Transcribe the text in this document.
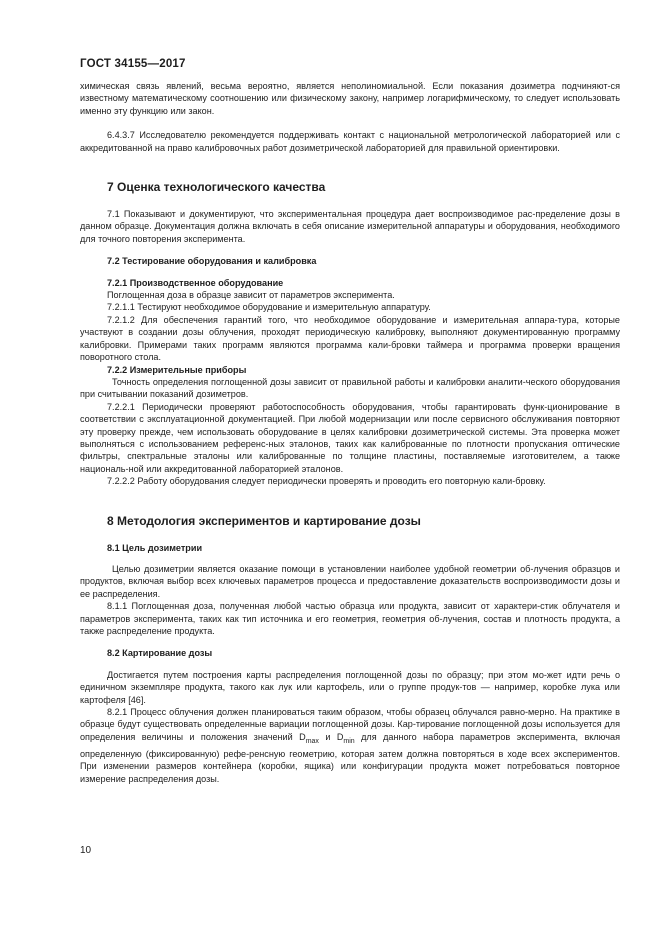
ГОСТ 34155—2017

химическая связь явлений, весьма вероятно, является неполиномиальной. Если показания дозиметра подчиняют-ся известному математическому соотношению или физическому закону, например логарифмическому, то следует использовать именно эту функцию или закон.

6.4.3.7 Исследователю рекомендуется поддерживать контакт с национальной метрологической лабораторией или с аккредитованной на право калибровочных работ дозиметрической лабораторией для правильной ориентировки.

7 Оценка технологического качества

7.1 Показывают и документируют, что экспериментальная процедура дает воспроизводимое рас-пределение дозы в данном образце. Документация должна включать в себя описание измерительной аппаратуры и оборудования, необходимого для точного повторения эксперимента.

7.2 Тестирование оборудования и калибровка
7.2.1 Производственное оборудование

Поглощенная доза в образце зависит от параметров эксперимента.

7.2.1.1 Тестируют необходимое оборудование и измерительную аппаратуру.

7.2.1.2 Для обеспечения гарантий того, что необходимое оборудование и измерительная аппара-тура, которые участвуют в создании дозы облучения, проходят периодическую калибровку, выполняют документированную программу калибровки. Примерами таких программ являются программа кали-бровки таймера и программа проверки вращения поворотного стола.

7.2.2 Измерительные приборы

Точность определения поглощенной дозы зависит от правильной работы и калибровки аналити-ческого оборудования при считывании показаний дозиметров.

7.2.2.1 Периодически проверяют работоспособность оборудования, чтобы гарантировать функ-ционирование в соответствии с эксплуатационной документацией. При любой модернизации или после сервисного обслуживания повторяют эту проверку прежде, чем использовать оборудование в целях калибровки дозиметрической системы. Эта проверка может выполняться с использованием референс-ных эталонов, таких как калиброванные по плотности пропускания оптические фильтры, спектральные эталоны или калиброванные по толщине пластины, поставляемые изготовителем, а также националь-ной или аккредитованной лабораторией эталонов.

7.2.2.2 Работу оборудования следует периодически проверять и проводить его повторную кали-бровку.

8 Методология экспериментов и картирование дозы
8.1 Цель дозиметрии

Целью дозиметрии является оказание помощи в установлении наиболее удобной геометрии об-лучения образцов и продуктов, включая выбор всех ключевых параметров процесса и предоставление доказательств воспроизводимости дозы и ее распределения.

8.1.1 Поглощенная доза, полученная любой частью образца или продукта, зависит от характери-стик облучателя и параметров эксперимента, таких как тип источника и его геометрия, геометрия об-лучения, состав и плотность продукта, а также распределение продукта.

8.2 Картирование дозы

Достигается путем построения карты распределения поглощенной дозы по образцу; при этом мо-жет идти речь о единичном экземпляре продукта, такого как лук или картофель, или о группе продук-тов — например, коробке лука или картофеля [46].

8.2.1 Процесс облучения должен планироваться таким образом, чтобы образец облучался равно-мерно. На практике в образце будут существовать определенные вариации поглощенной дозы. Кар-тирование поглощенной дозы используется для определения величины и положения значений $D_{max}$ и $D_{min}$ для данного набора параметров эксперимента, включая определенную (фиксированную) рефе-ренсную геометрию, которая затем должна повторяться в ходе всех экспериментов. При изменении размеров контейнера (коробки, ящика) или конфигурации продукта может потребоваться повторное измерение распределения дозы.

10
